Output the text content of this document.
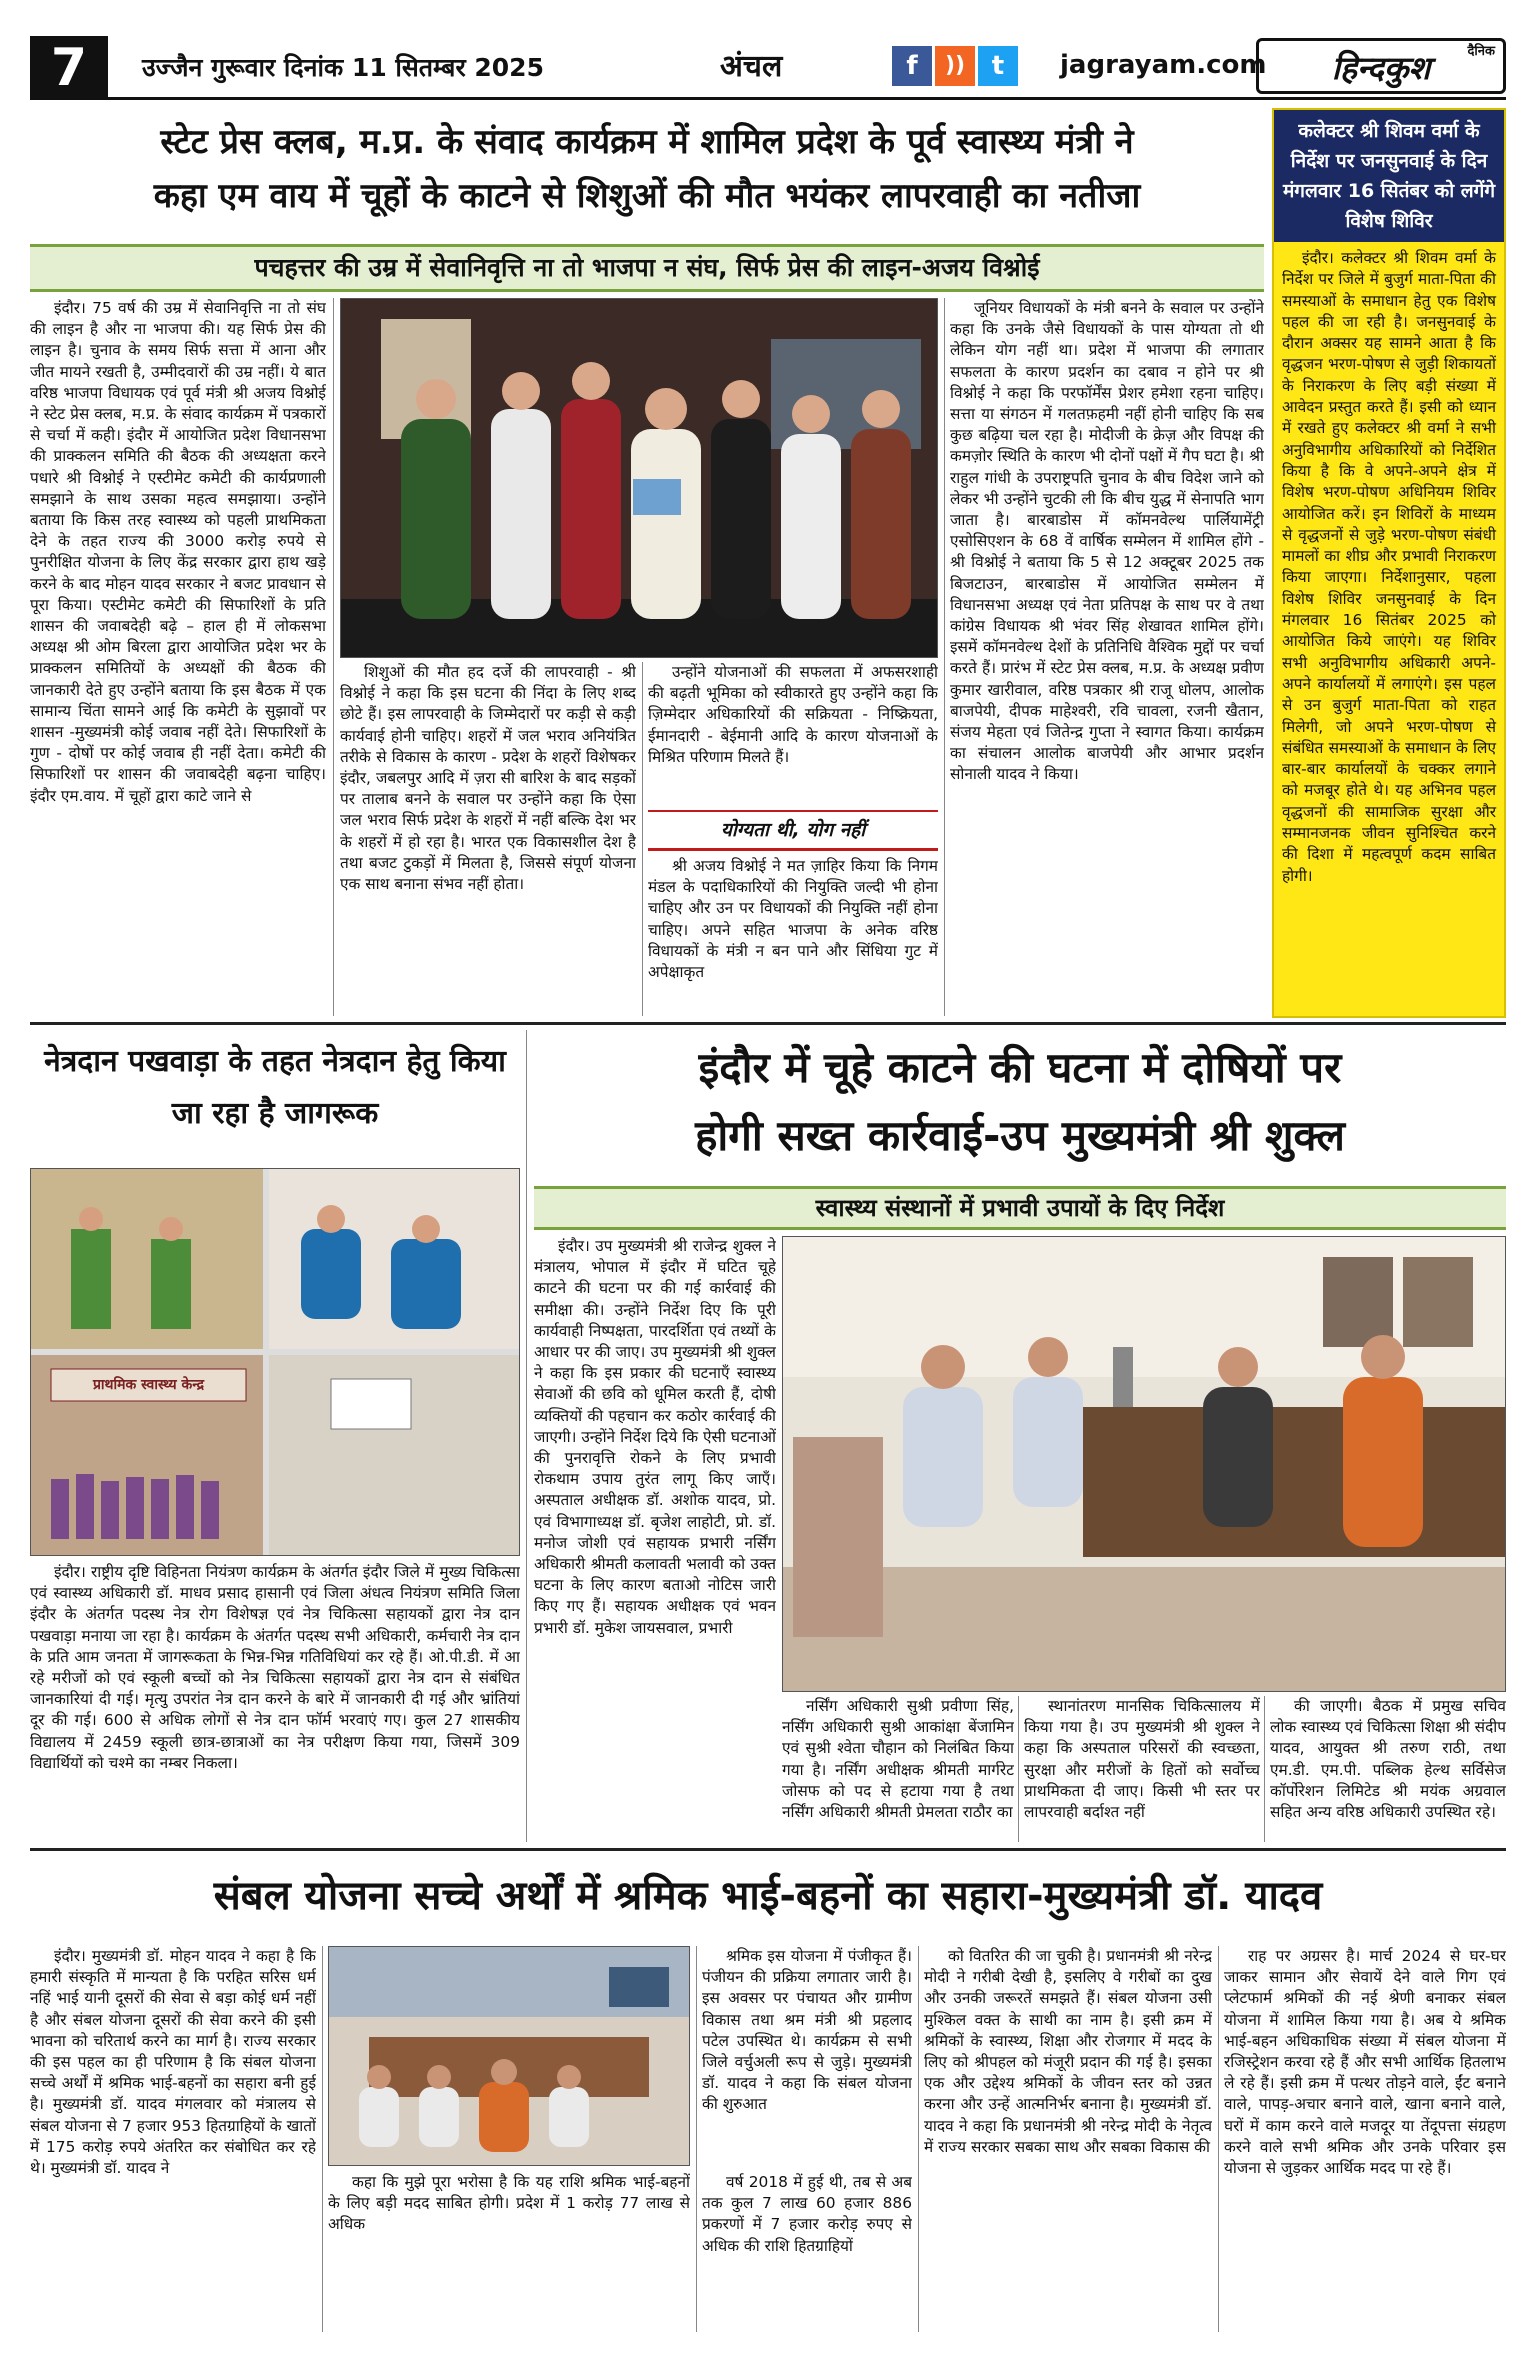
7	उज्जैन गुरूवार दिनांक 11 सितम्बर 2025	अंचल	f	))	t	jagrayam.com	दैनिक
हिन्दकुश
स्टेट प्रेस क्लब, म.प्र. के संवाद कार्यक्रम में शामिल प्रदेश के पूर्व स्वास्थ्य मंत्री ने
कहा एम वाय में चूहों के काटने से शिशुओं की मौत भयंकर लापरवाही का नतीजा
पचहत्तर की उम्र में सेवानिवृत्ति ना तो भाजपा न संघ, सिर्फ प्रेस की लाइन-अजय विश्नोई

इंदौर। 75 वर्ष की उम्र में सेवानिवृत्ति ना तो संघ की लाइन है और ना भाजपा की। यह सिर्फ प्रेस की लाइन है। चुनाव के समय सिर्फ सत्ता में आना और जीत मायने रखती है, उम्मीदवारों की उम्र नहीं। ये बात वरिष्ठ भाजपा विधायक एवं पूर्व मंत्री श्री अजय विश्नोई ने स्टेट प्रेस क्लब, म.प्र. के संवाद कार्यक्रम में पत्रकारों से चर्चा में कही। इंदौर में आयोजित प्रदेश विधानसभा की प्राक्कलन समिति की बैठक की अध्यक्षता करने पधारे श्री विश्नोई ने एस्टीमेट कमेटी की कार्यप्रणाली समझाने के साथ उसका महत्व समझाया। उन्होंने बताया कि किस तरह स्वास्थ्य को पहली प्राथमिकता देने के तहत राज्य की 3000 करोड़ रुपये से पुनरीक्षित योजना के लिए केंद्र सरकार द्वारा हाथ खड़े करने के बाद मोहन यादव सरकार ने बजट प्रावधान से पूरा किया। एस्टीमेट कमेटी की सिफारिशों के प्रति शासन की जवाबदेही बढ़े – हाल ही में लोकसभा अध्यक्ष श्री ओम बिरला द्वारा आयोजित प्रदेश भर के प्राक्कलन समितियों के अध्यक्षों की बैठक की जानकारी देते हुए उन्होंने बताया कि इस बैठक में एक सामान्य चिंता सामने आई कि कमेटी के सुझावों पर शासन -मुख्यमंत्री कोई जवाब नहीं देते। सिफारिशों के गुण - दोषों पर कोई जवाब ही नहीं देता। कमेटी की सिफारिशों पर शासन की जवाबदेही बढ़ना चाहिए। इंदौर एम.वाय. में चूहों द्वारा काटे जाने से

शिशुओं की मौत हद दर्जे की लापरवाही - श्री विश्नोई ने कहा कि इस घटना की निंदा के लिए शब्द छोटे हैं। इस लापरवाही के जिम्मेदारों पर कड़ी से कड़ी कार्यवाई होनी चाहिए। शहरों में जल भराव अनियंत्रित तरीके से विकास के कारण - प्रदेश के शहरों विशेषकर इंदौर, जबलपुर आदि में ज़रा सी बारिश के बाद सड़कों पर तालाब बनने के सवाल पर उन्होंने कहा कि ऐसा जल भराव सिर्फ प्रदेश के शहरों में नहीं बल्कि देश भर के शहरों में हो रहा है। भारत एक विकासशील देश है तथा बजट टुकड़ों में मिलता है, जिससे संपूर्ण योजना एक साथ बनाना संभव नहीं होता।

उन्होंने योजनाओं की सफलता में अफसरशाही की बढ़ती भूमिका को स्वीकारते हुए उन्होंने कहा कि ज़िम्मेदार अधिकारियों की सक्रियता - निष्क्रियता, ईमानदारी - बेईमानी आदि के कारण योजनाओं के मिश्रित परिणाम मिलते हैं।

योग्यता थी, योग नहीं

श्री अजय विश्नोई ने मत ज़ाहिर किया कि निगम मंडल के पदाधिकारियों की नियुक्ति जल्दी भी होना चाहिए और उन पर विधायकों की नियुक्ति नहीं होना चाहिए। अपने सहित भाजपा के अनेक वरिष्ठ विधायकों के मंत्री न बन पाने और सिंधिया गुट में अपेक्षाकृत

जूनियर विधायकों के मंत्री बनने के सवाल पर उन्होंने कहा कि उनके जैसे विधायकों के पास योग्यता तो थी लेकिन योग नहीं था। प्रदेश में भाजपा की लगातार सफलता के कारण प्रदर्शन का दबाव न होने पर श्री विश्नोई ने कहा कि परफॉर्मेंस प्रेशर हमेशा रहना चाहिए। सत्ता या संगठन में गलतफ़हमी नहीं होनी चाहिए कि सब कुछ बढ़िया चल रहा है। मोदीजी के क्रेज़ और विपक्ष की कमज़ोर स्थिति के कारण भी दोनों पक्षों में गैप घटा है। श्री राहुल गांधी के उपराष्ट्रपति चुनाव के बीच विदेश जाने को लेकर भी उन्होंने चुटकी ली कि बीच युद्ध में सेनापति भाग जाता है। बारबाडोस में कॉमनवेल्थ पार्लियामेंट्री एसोसिएशन के 68 वें वार्षिक सम्मेलन में शामिल होंगे - श्री विश्नोई ने बताया कि 5 से 12 अक्टूबर 2025 तक बिजटाउन, बारबाडोस में आयोजित सम्मेलन में विधानसभा अध्यक्ष एवं नेता प्रतिपक्ष के साथ पर वे तथा कांग्रेस विधायक श्री भंवर सिंह शेखावत शामिल होंगे। इसमें कॉमनवेल्थ देशों के प्रतिनिधि वैश्विक मुद्दों पर चर्चा करते हैं। प्रारंभ में स्टेट प्रेस क्लब, म.प्र. के अध्यक्ष प्रवीण कुमार खारीवाल, वरिष्ठ पत्रकार श्री राजू धोलप, आलोक बाजपेयी, दीपक माहेश्वरी, रवि चावला, रजनी खैतान, संजय मेहता एवं जितेन्द्र गुप्ता ने स्वागत किया। कार्यक्रम का संचालन आलोक बाजपेयी और आभार प्रदर्शन सोनाली यादव ने किया।

कलेक्टर श्री शिवम वर्मा के निर्देश पर जनसुनवाई के दिन मंगलवार 16 सितंबर को लगेंगे विशेष शिविर

इंदौर। कलेक्टर श्री शिवम वर्मा के निर्देश पर जिले में बुजुर्ग माता-पिता की समस्याओं के समाधान हेतु एक विशेष पहल की जा रही है। जनसुनवाई के दौरान अक्सर यह सामने आता है कि वृद्धजन भरण-पोषण से जुड़ी शिकायतों के निराकरण के लिए बड़ी संख्या में आवेदन प्रस्तुत करते हैं। इसी को ध्यान में रखते हुए कलेक्टर श्री वर्मा ने सभी अनुविभागीय अधिकारियों को निर्देशित किया है कि वे अपने-अपने क्षेत्र में विशेष भरण-पोषण अधिनियम शिविर आयोजित करें। इन शिविरों के माध्यम से वृद्धजनों से जुड़े भरण-पोषण संबंधी मामलों का शीघ्र और प्रभावी निराकरण किया जाएगा। निर्देशानुसार, पहला विशेष शिविर जनसुनवाई के दिन मंगलवार 16 सितंबर 2025 को आयोजित किये जाएंगे। यह शिविर सभी अनुविभागीय अधिकारी अपने-अपने कार्यालयों में लगाएंगे। इस पहल से उन बुजुर्ग माता-पिता को राहत मिलेगी, जो अपने भरण-पोषण से संबंधित समस्याओं के समाधान के लिए बार-बार कार्यालयों के चक्कर लगाने को मजबूर होते थे। यह अभिनव पहल वृद्धजनों की सामाजिक सुरक्षा और सम्मानजनक जीवन सुनिश्चित करने की दिशा में महत्वपूर्ण कदम साबित होगी।

नेत्रदान पखवाड़ा के तहत नेत्रदान हेतु किया जा रहा है जागरूक
प्राथमिक स्वास्थ्य केन्द्र

इंदौर। राष्ट्रीय दृष्टि विहिनता नियंत्रण कार्यक्रम के अंतर्गत इंदौर जिले में मुख्य चिकित्सा एवं स्वास्थ्य अधिकारी डॉ. माधव प्रसाद हासानी एवं जिला अंधत्व नियंत्रण समिति जिला इंदौर के अंतर्गत पदस्थ नेत्र रोग विशेषज्ञ एवं नेत्र चिकित्सा सहायकों द्वारा नेत्र दान पखवाड़ा मनाया जा रहा है। कार्यक्रम के अंतर्गत पदस्थ सभी अधिकारी, कर्मचारी नेत्र दान के प्रति आम जनता में जागरूकता के भिन्न-भिन्न गतिविधियां कर रहे हैं। ओ.पी.डी. में आ रहे मरीजों को एवं स्कूली बच्चों को नेत्र चिकित्सा सहायकों द्वारा नेत्र दान से संबंधित जानकारियां दी गई। मृत्यु उपरांत नेत्र दान करने के बारे में जानकारी दी गई और भ्रांतियां दूर की गई। 600 से अधिक लोगों से नेत्र दान फॉर्म भरवाएं गए। कुल 27 शासकीय विद्यालय में 2459 स्कूली छात्र-छात्राओं का नेत्र परीक्षण किया गया, जिसमें 309 विद्यार्थियों को चश्मे का नम्बर निकला।

इंदौर में चूहे काटने की घटना में दोषियों पर
होगी सख्त कार्रवाई-उप मुख्यमंत्री श्री शुक्ल
स्वास्थ्य संस्थानों में प्रभावी उपायों के दिए निर्देश

इंदौर। उप मुख्यमंत्री श्री राजेन्द्र शुक्ल ने मंत्रालय, भोपाल में इंदौर में घटित चूहे काटने की घटना पर की गई कार्रवाई की समीक्षा की। उन्होंने निर्देश दिए कि पूरी कार्यवाही निष्पक्षता, पारदर्शिता एवं तथ्यों के आधार पर की जाए। उप मुख्यमंत्री श्री शुक्ल ने कहा कि इस प्रकार की घटनाएँ स्वास्थ्य सेवाओं की छवि को धूमिल करती हैं, दोषी व्यक्तियों की पहचान कर कठोर कार्रवाई की जाएगी। उन्होंने निर्देश दिये कि ऐसी घटनाओं की पुनरावृत्ति रोकने के लिए प्रभावी रोकथाम उपाय तुरंत लागू किए जाएँ। अस्पताल अधीक्षक डॉ. अशोक यादव, प्रो. एवं विभागाध्यक्ष डॉ. बृजेश लाहोटी, प्रो. डॉ. मनोज जोशी एवं सहायक प्रभारी नर्सिंग अधिकारी श्रीमती कलावती भलावी को उक्त घटना के लिए कारण बताओ नोटिस जारी किए गए हैं। सहायक अधीक्षक एवं भवन प्रभारी डॉ. मुकेश जायसवाल, प्रभारी

नर्सिंग अधिकारी सुश्री प्रवीणा सिंह, नर्सिंग अधिकारी सुश्री आकांक्षा बेंजामिन एवं सुश्री श्वेता चौहान को निलंबित किया गया है। नर्सिंग अधीक्षक श्रीमती मार्गरेट जोसफ को पद से हटाया गया है तथा नर्सिंग अधिकारी श्रीमती प्रेमलता राठौर का

स्थानांतरण मानसिक चिकित्सालय में किया गया है। उप मुख्यमंत्री श्री शुक्ल ने कहा कि अस्पताल परिसरों की स्वच्छता, सुरक्षा और मरीजों के हितों को सर्वोच्च प्राथमिकता दी जाए। किसी भी स्तर पर लापरवाही बर्दाश्त नहीं

की जाएगी। बैठक में प्रमुख सचिव लोक स्वास्थ्य एवं चिकित्सा शिक्षा श्री संदीप यादव, आयुक्त श्री तरुण राठी, तथा एम.डी. एम.पी. पब्लिक हेल्थ सर्विसेज कॉर्पोरेशन लिमिटेड श्री मयंक अग्रवाल सहित अन्य वरिष्ठ अधिकारी उपस्थित रहे।

संबल योजना सच्चे अर्थों में श्रमिक भाई-बहनों का सहारा-मुख्यमंत्री डॉ. यादव

इंदौर। मुख्यमंत्री डॉ. मोहन यादव ने कहा है कि हमारी संस्कृति में मान्यता है कि परहित सरिस धर्म नहिं भाई यानी दूसरों की सेवा से बड़ा कोई धर्म नहीं है और संबल योजना दूसरों की सेवा करने की इसी भावना को चरितार्थ करने का मार्ग है। राज्य सरकार की इस पहल का ही परिणाम है कि संबल योजना सच्चे अर्थों में श्रमिक भाई-बहनों का सहारा बनी हुई है। मुख्यमंत्री डॉ. यादव मंगलवार को मंत्रालय से संबल योजना से 7 हजार 953 हितग्राहियों के खातों में 175 करोड़ रुपये अंतरित कर संबोधित कर रहे थे। मुख्यमंत्री डॉ. यादव ने

कहा कि मुझे पूरा भरोसा है कि यह राशि श्रमिक भाई-बहनों के लिए बड़ी मदद साबित होगी। प्रदेश में 1 करोड़ 77 लाख से अधिक

श्रमिक इस योजना में पंजीकृत हैं। पंजीयन की प्रक्रिया लगातार जारी है। इस अवसर पर पंचायत और ग्रामीण विकास तथा श्रम मंत्री श्री प्रहलाद पटेल उपस्थित थे। कार्यक्रम से सभी जिले वर्चुअली रूप से जुड़े। मुख्यमंत्री डॉ. यादव ने कहा कि संबल योजना की शुरुआत

वर्ष 2018 में हुई थी, तब से अब तक कुल 7 लाख 60 हजार 886 प्रकरणों में 7 हजार करोड़ रुपए से अधिक की राशि हितग्राहियों

को वितरित की जा चुकी है। प्रधानमंत्री श्री नरेन्द्र मोदी ने गरीबी देखी है, इसलिए वे गरीबों का दुख और उनकी जरूरतें समझते हैं। संबल योजना उसी मुश्किल वक्त के साथी का नाम है। इसी क्रम में श्रमिकों के स्वास्थ्य, शिक्षा और रोजगार में मदद के लिए को श्रीपहल को मंजूरी प्रदान की गई है। इसका एक और उद्देश्य श्रमिकों के जीवन स्तर को उन्नत करना और उन्हें आत्मनिर्भर बनाना है। मुख्यमंत्री डॉ. यादव ने कहा कि प्रधानमंत्री श्री नरेन्द्र मोदी के नेतृत्व में राज्य सरकार सबका साथ और सबका विकास की

राह पर अग्रसर है। मार्च 2024 से घर-घर जाकर सामान और सेवायें देने वाले गिग एवं प्लेटफार्म श्रमिकों की नई श्रेणी बनाकर संबल योजना में शामिल किया गया है। अब ये श्रमिक भाई-बहन अधिकाधिक संख्या में संबल योजना में रजिस्ट्रेशन करवा रहे हैं और सभी आर्थिक हितलाभ ले रहे हैं। इसी क्रम में पत्थर तोड़ने वाले, ईंट बनाने वाले, पापड़-अचार बनाने वाले, खाना बनाने वाले, घरों में काम करने वाले मजदूर या तेंदूपत्ता संग्रहण करने वाले सभी श्रमिक और उनके परिवार इस योजना से जुड़कर आर्थिक मदद पा रहे हैं।
